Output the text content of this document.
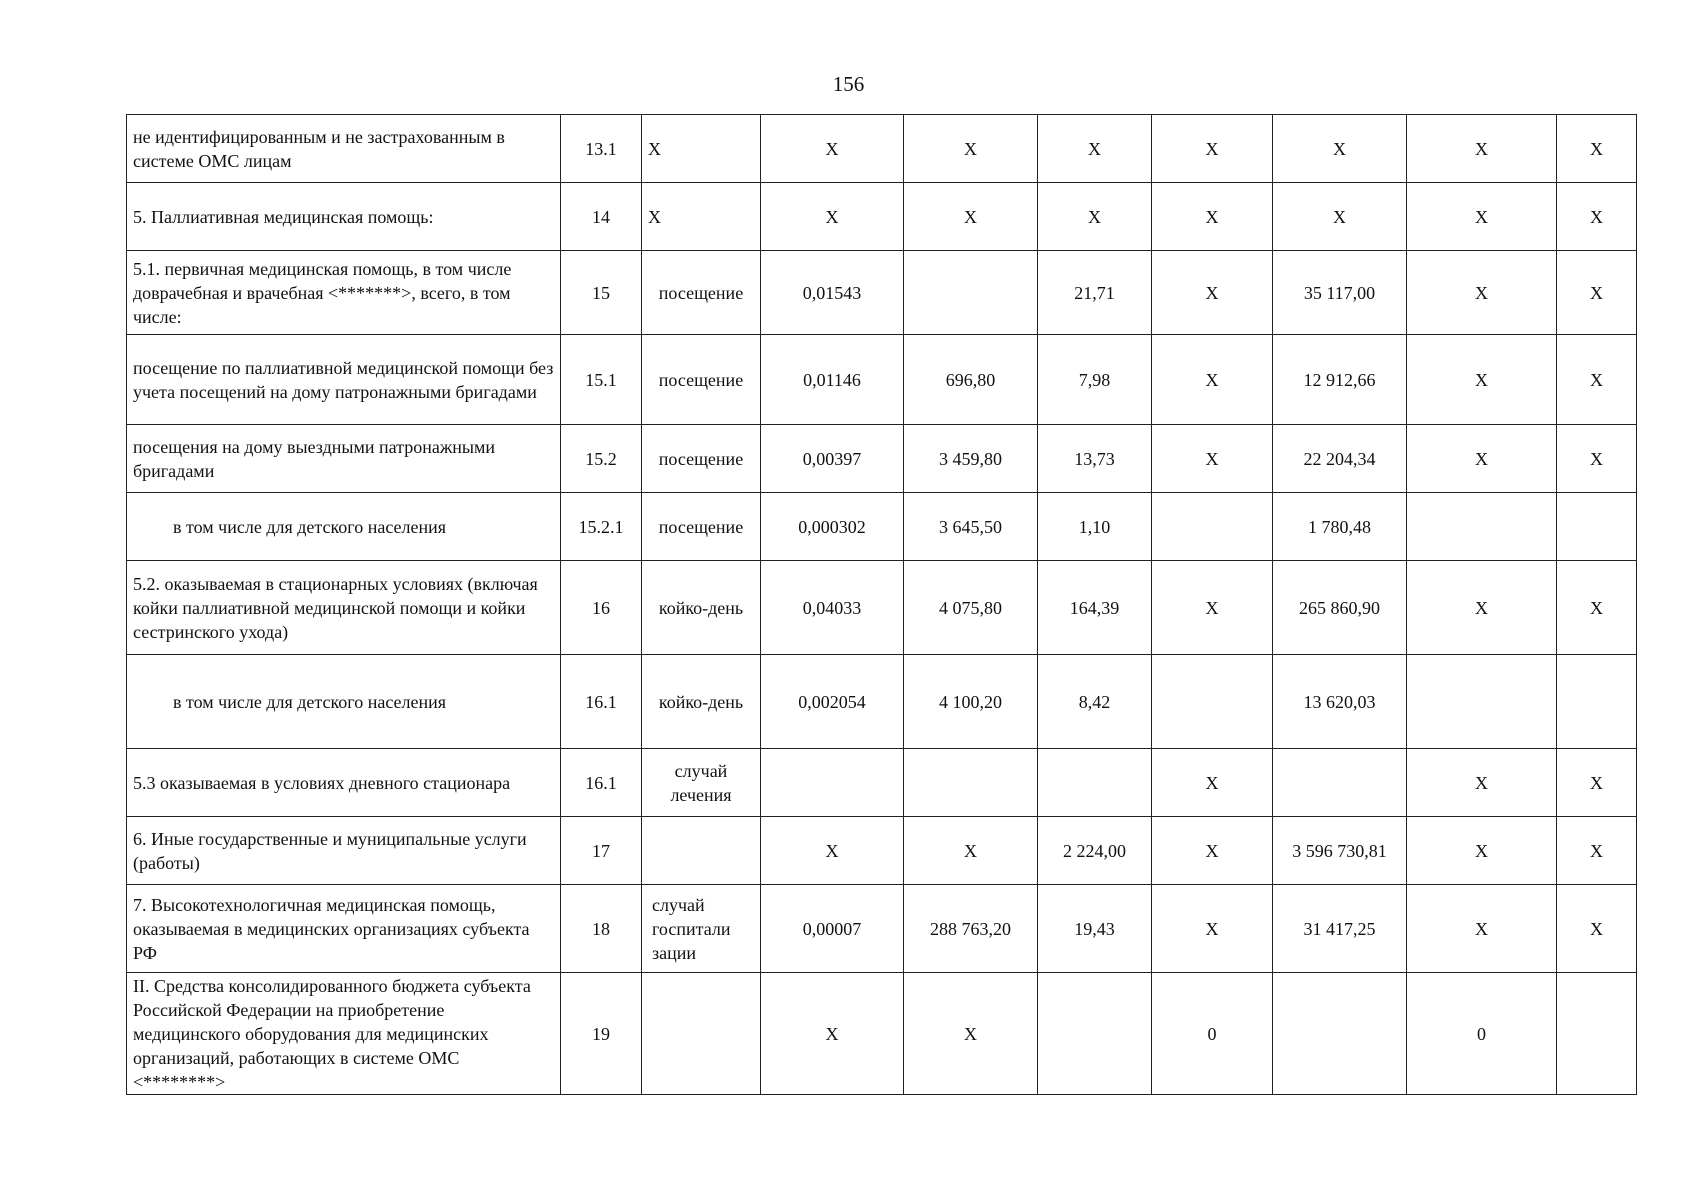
156
не идентифицированным и не застрахованным в системе ОМС лицам	13.1	Х	Х	Х	Х	Х	Х	Х	Х
5. Паллиативная медицинская помощь:	14	Х	Х	Х	Х	Х	Х	Х	Х
5.1. первичная медицинская помощь, в том числе доврачебная и врачебная <*******>, всего, в том числе:	15	посещение	0,01543		21,71	Х	35 117,00	Х	Х
посещение по паллиативной медицинской помощи без учета посещений на дому патронажными бригадами	15.1	посещение	0,01146	696,80	7,98	Х	12 912,66	Х	Х
посещения на дому выездными патронажными бригадами	15.2	посещение	0,00397	3 459,80	13,73	Х	22 204,34	Х	Х
в том числе для детского населения	15.2.1	посещение	0,000302	3 645,50	1,10		1 780,48		
5.2. оказываемая в стационарных условиях (включая койки паллиативной медицинской помощи и койки сестринского ухода)	16	койко-день	0,04033	4 075,80	164,39	Х	265 860,90	Х	Х
в том числе для детского населения	16.1	койко-день	0,002054	4 100,20	8,42		13 620,03		
5.3 оказываемая в условиях дневного стационара	16.1	случай лечения				Х		Х	Х
6. Иные государственные и муниципальные услуги (работы)	17		Х	Х	2 224,00	Х	3 596 730,81	Х	Х
7. Высокотехнологичная медицинская помощь, оказываемая в медицинских организациях субъекта РФ	18	случай госпитали зации	0,00007	288 763,20	19,43	Х	31 417,25	Х	Х
II. Средства консолидированного бюджета субъекта Российской Федерации на приобретение медицинского оборудования для медицинских организаций, работающих в системе ОМС <********>	19		Х	Х		0		0	
